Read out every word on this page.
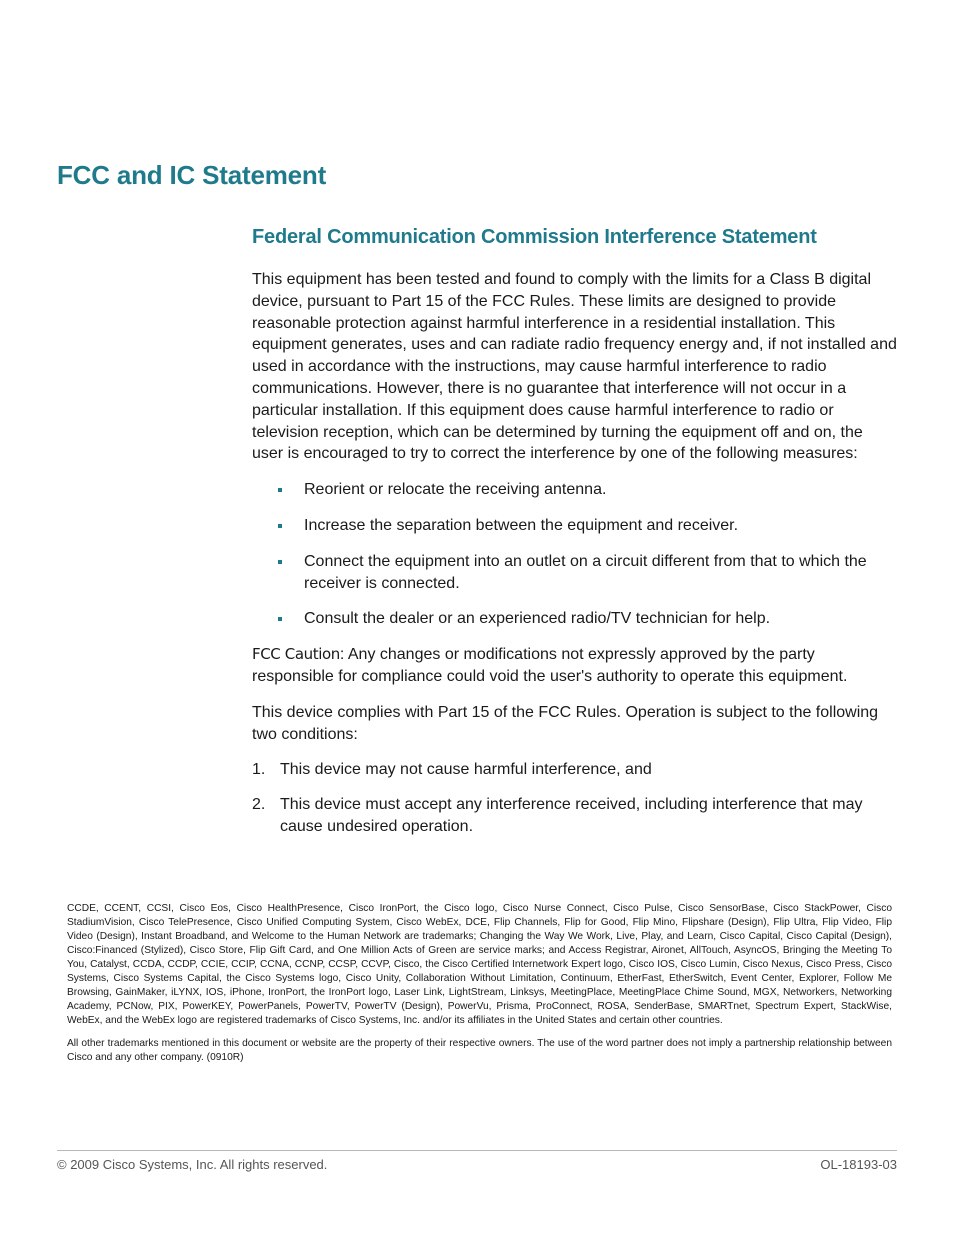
FCC and IC Statement
Federal Communication Commission Interference Statement

This equipment has been tested and found to comply with the limits for a Class B digital device, pursuant to Part 15 of the FCC Rules. These limits are designed to provide reasonable protection against harmful interference in a residential installation. This equipment generates, uses and can radiate radio frequency energy and, if not installed and used in accordance with the instructions, may cause harmful interference to radio communications. However, there is no guarantee that interference will not occur in a particular installation. If this equipment does cause harmful interference to radio or television reception, which can be determined by turning the equipment off and on, the user is encouraged to try to correct the interference by one of the following measures:

Reorient or relocate the receiving antenna.
Increase the separation between the equipment and receiver.
Connect the equipment into an outlet on a circuit different from that to which the receiver is connected.
Consult the dealer or an experienced radio/TV technician for help.

FCC Caution: Any changes or modifications not expressly approved by the party responsible for compliance could void the user's authority to operate this equipment.

This device complies with Part 15 of the FCC Rules. Operation is subject to the following two conditions:

1. This device may not cause harmful interference, and
2. This device must accept any interference received, including interference that may cause undesired operation.

CCDE, CCENT, CCSI, Cisco Eos, Cisco HealthPresence, Cisco IronPort, the Cisco logo, Cisco Nurse Connect, Cisco Pulse, Cisco SensorBase, Cisco StackPower, Cisco StadiumVision, Cisco TelePresence, Cisco Unified Computing System, Cisco WebEx, DCE, Flip Channels, Flip for Good, Flip Mino, Flipshare (Design), Flip Ultra, Flip Video, Flip Video (Design), Instant Broadband, and Welcome to the Human Network are trademarks; Changing the Way We Work, Live, Play, and Learn, Cisco Capital, Cisco Capital (Design), Cisco:Financed (Stylized), Cisco Store, Flip Gift Card, and One Million Acts of Green are service marks; and Access Registrar, Aironet, AllTouch, AsyncOS, Bringing the Meeting To You, Catalyst, CCDA, CCDP, CCIE, CCIP, CCNA, CCNP, CCSP, CCVP, Cisco, the Cisco Certified Internetwork Expert logo, Cisco IOS, Cisco Lumin, Cisco Nexus, Cisco Press, Cisco Systems, Cisco Systems Capital, the Cisco Systems logo, Cisco Unity, Collaboration Without Limitation, Continuum, EtherFast, EtherSwitch, Event Center, Explorer, Follow Me Browsing, GainMaker, iLYNX, IOS, iPhone, IronPort, the IronPort logo, Laser Link, LightStream, Linksys, MeetingPlace, MeetingPlace Chime Sound, MGX, Networkers, Networking Academy, PCNow, PIX, PowerKEY, PowerPanels, PowerTV, PowerTV (Design), PowerVu, Prisma, ProConnect, ROSA, SenderBase, SMARTnet, Spectrum Expert, StackWise, WebEx, and the WebEx logo are registered trademarks of Cisco Systems, Inc. and/or its affiliates in the United States and certain other countries.

All other trademarks mentioned in this document or website are the property of their respective owners. The use of the word partner does not imply a partnership relationship between Cisco and any other company. (0910R)

© 2009 Cisco Systems, Inc. All rights reserved.	OL-18193-03
